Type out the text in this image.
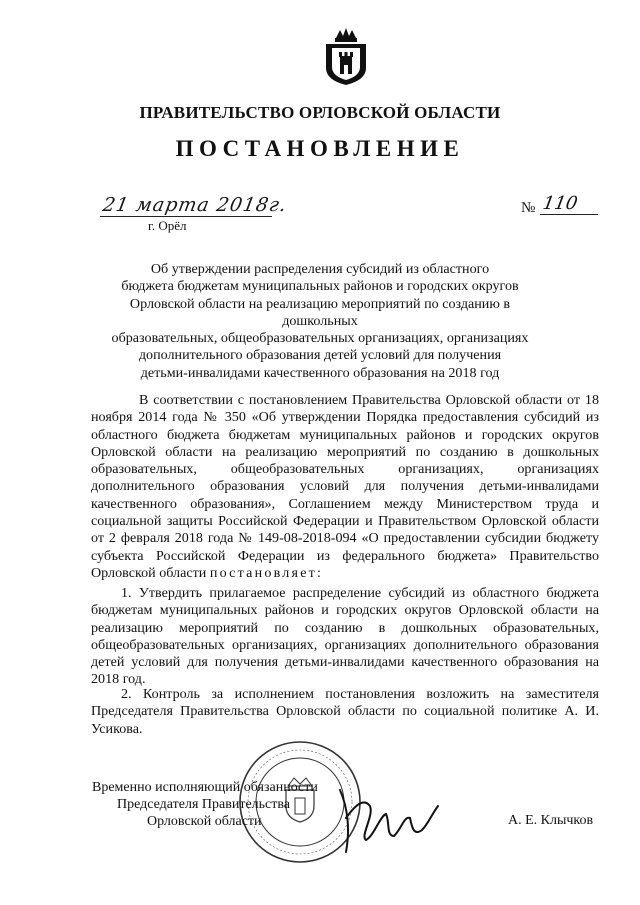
ПРАВИТЕЛЬСТВО ОРЛОВСКОЙ ОБЛАСТИ
ПОСТАНОВЛЕНИЕ
21 марта 2018г.
г. Орёл
№ 110
Об утверждении распределения субсидий из областного
бюджета бюджетам муниципальных районов и городских округов
Орловской области на реализацию мероприятий по созданию в дошкольных
образовательных, общеобразовательных организациях, организациях
дополнительного образования детей условий для получения
детьми-инвалидами качественного образования на 2018 год
В соответствии с постановлением Правительства Орловской области от 18 ноября 2014 года № 350 «Об утверждении Порядка предоставления субсидий из областного бюджета бюджетам муниципальных районов и городских округов Орловской области на реализацию мероприятий по созданию в дошкольных образовательных, общеобразовательных организациях, организациях дополнительного образования условий для получения детьми-инвалидами качественного образования», Соглашением между Министерством труда и социальной защиты Российской Федерации и Правительством Орловской области от 2 февраля 2018 года № 149-08-2018-094 «О предоставлении субсидии бюджету субъекта Российской Федерации из федерального бюджета» Правительство Орловской области постановляет:
1. Утвердить прилагаемое распределение субсидий из областного бюджета бюджетам муниципальных районов и городских округов Орловской области на реализацию мероприятий по созданию в дошкольных образовательных, общеобразовательных организациях, организациях дополнительного образования детей условий для получения детьми-инвалидами качественного образования на 2018 год.
2. Контроль за исполнением постановления возложить на заместителя Председателя Правительства Орловской области по социальной политике А. И. Усикова.
Временно исполняющий обязанности
Председателя Правительства
Орловской области	А. Е. Клычков
